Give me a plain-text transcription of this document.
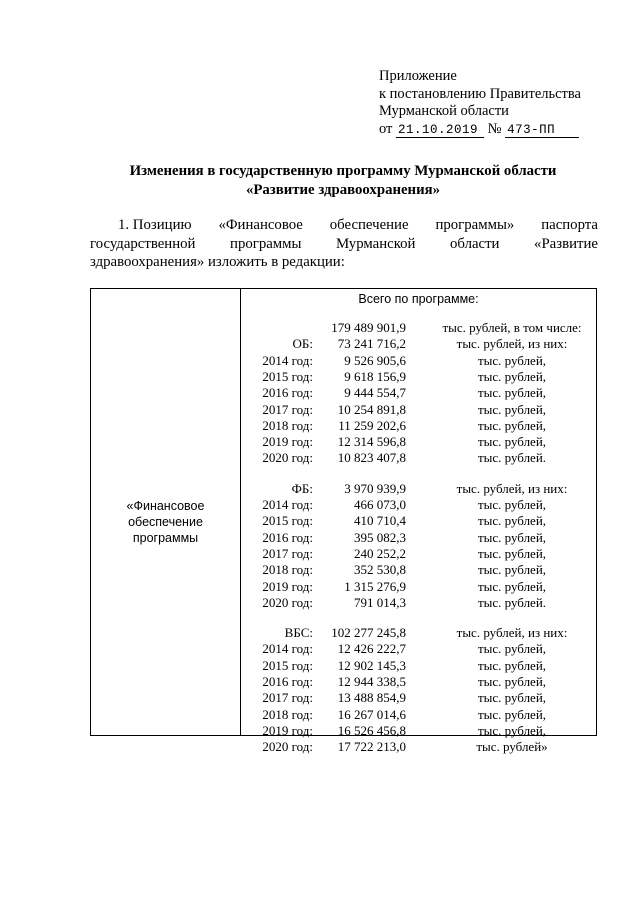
Приложение
к постановлению Правительства
Мурманской области
от 21.10.2019 № 473-ПП
Изменения в государственную программу Мурманской области
«Развитие здравоохранения»
1. Позицию «Финансовое обеспечение программы» паспорта
государственной программы Мурманской области «Развитие
здравоохранения» изложить в редакции:
«Финансовое
обеспечение программы
Всего по программе:
179 489 901,9	тыс. рублей, в том числе:
ОБ: 73 241 716,2	тыс. рублей, из них:
2014 год: 9 526 905,6	тыс. рублей,
2015 год: 9 618 156,9	тыс. рублей,
2016 год: 9 444 554,7	тыс. рублей,
2017 год: 10 254 891,8	тыс. рублей,
2018 год: 11 259 202,6	тыс. рублей,
2019 год: 12 314 596,8	тыс. рублей,
2020 год: 10 823 407,8	тыс. рублей.
ФБ: 3 970 939,9	тыс. рублей, из них:
2014 год:	466 073,0	тыс. рублей,
2015 год:	410 710,4	тыс. рублей,
2016 год:	395 082,3	тыс. рублей,
2017 год:	240 252,2	тыс. рублей,
2018 год:	352 530,8	тыс. рублей,
2019 год: 1 315 276,9	тыс. рублей,
2020 год:	791 014,3	тыс. рублей.
ВБС: 102 277 245,8	тыс. рублей, из них:
2014 год: 12 426 222,7	тыс. рублей,
2015 год: 12 902 145,3	тыс. рублей,
2016 год: 12 944 338,5	тыс. рублей,
2017 год: 13 488 854,9	тыс. рублей,
2018 год: 16 267 014,6	тыс. рублей,
2019 год: 16 526 456,8	тыс. рублей,
2020 год: 17 722 213,0	тыс. рублей»
